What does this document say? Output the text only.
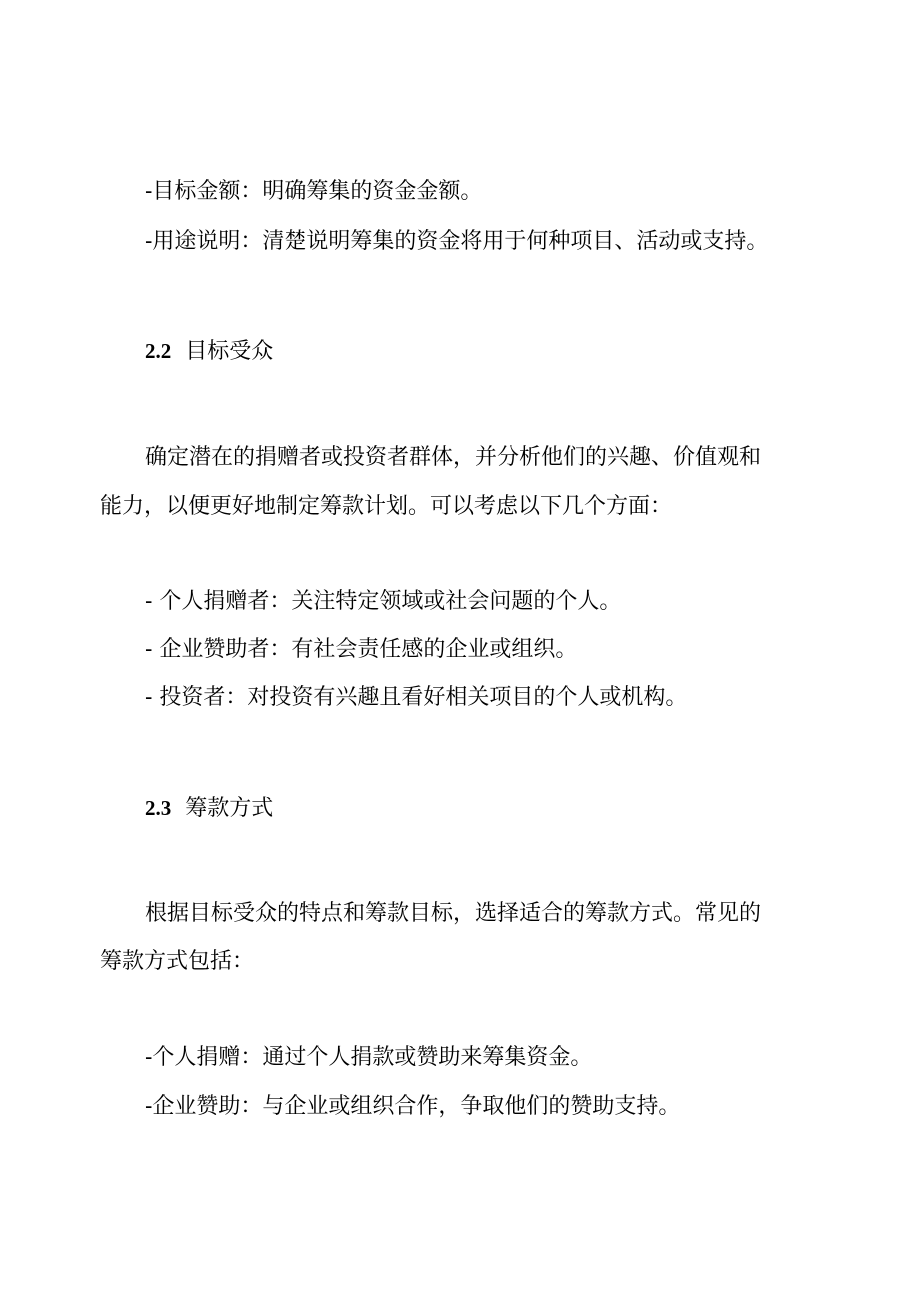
-目标金额：明确筹集的资金金额。
-用途说明：清楚说明筹集的资金将用于何种项目、活动或支持。
2.2 目标受众
确定潜在的捐赠者或投资者群体，并分析他们的兴趣、价值观和
能力，以便更好地制定筹款计划。可以考虑以下几个方面：
- 个人捐赠者：关注特定领域或社会问题的个人。
- 企业赞助者：有社会责任感的企业或组织。
- 投资者：对投资有兴趣且看好相关项目的个人或机构。
2.3 筹款方式
根据目标受众的特点和筹款目标，选择适合的筹款方式。常见的
筹款方式包括：
-个人捐赠：通过个人捐款或赞助来筹集资金。
-企业赞助：与企业或组织合作，争取他们的赞助支持。
